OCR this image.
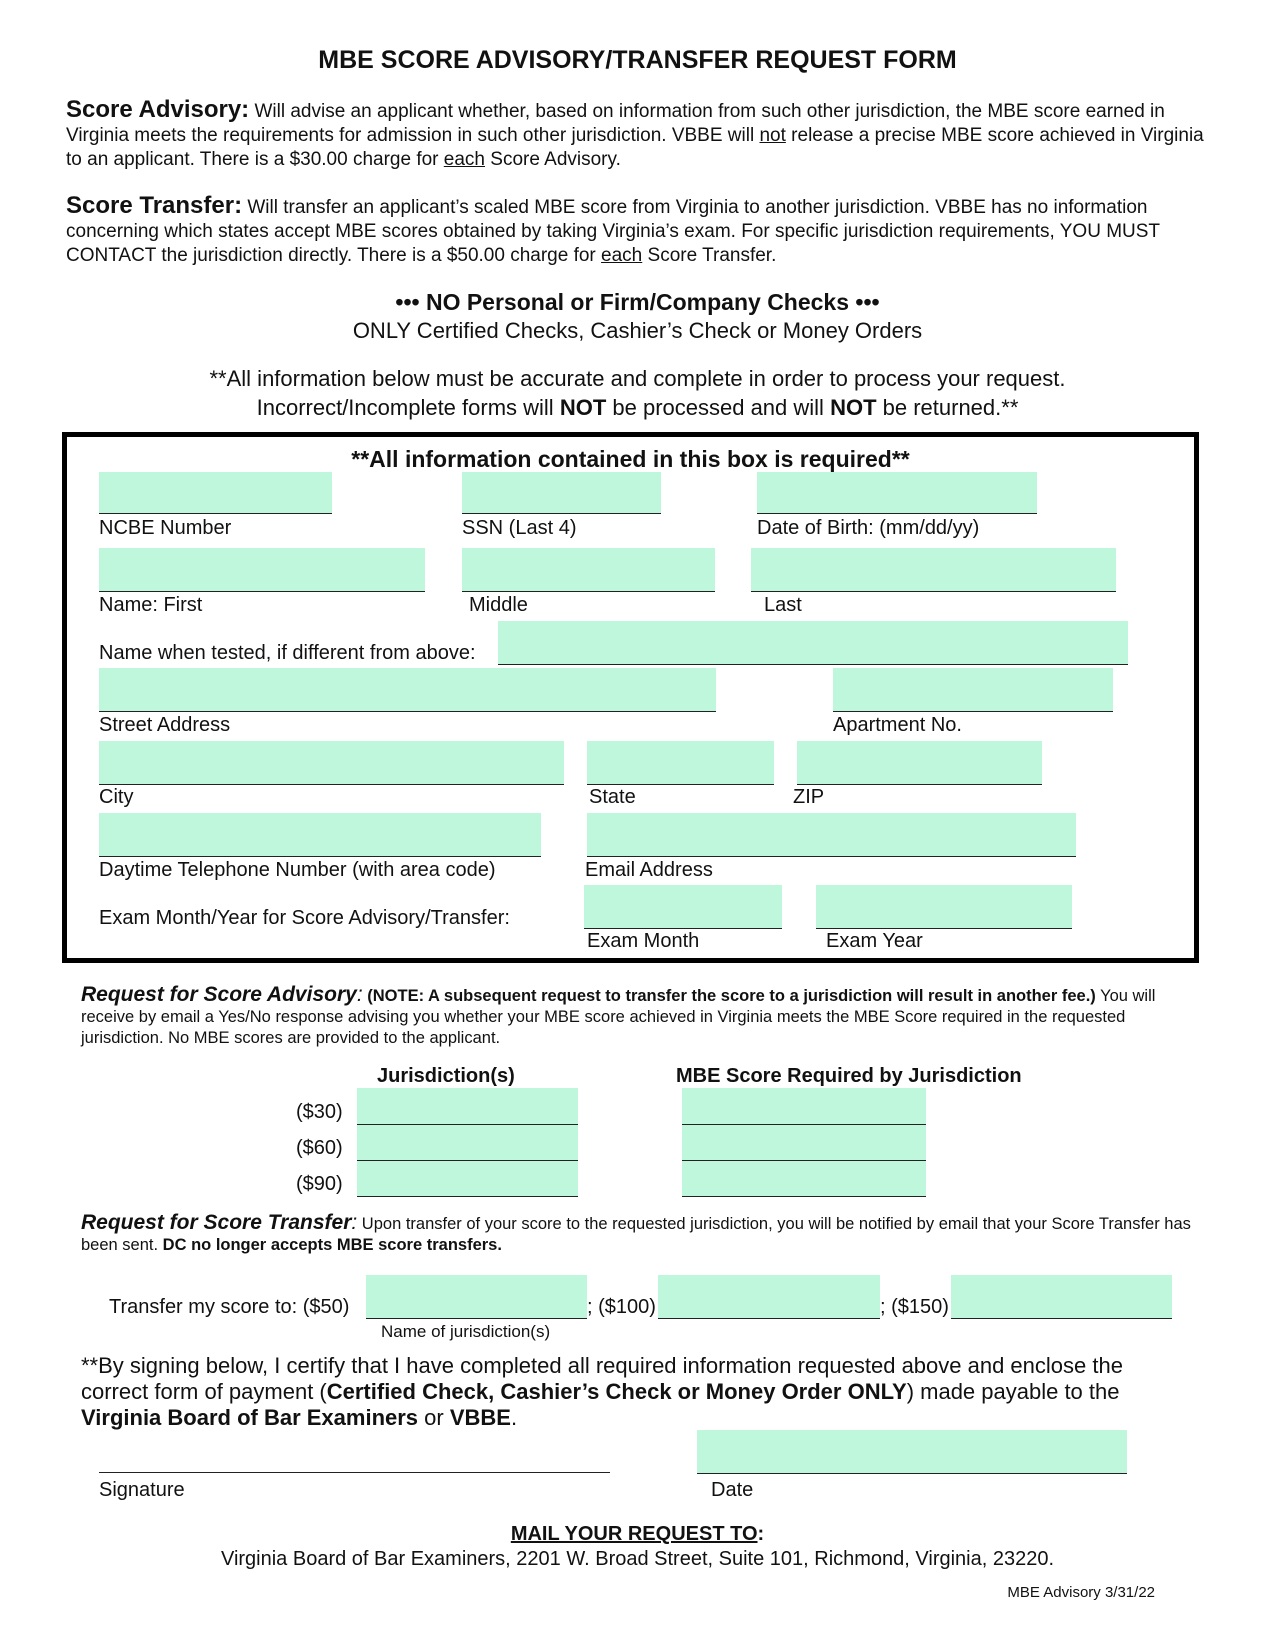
MBE SCORE ADVISORY/TRANSFER REQUEST FORM
Score Advisory: Will advise an applicant whether, based on information from such other jurisdiction, the MBE score earned in Virginia meets the requirements for admission in such other jurisdiction. VBBE will not release a precise MBE score achieved in Virginia to an applicant. There is a $30.00 charge for each Score Advisory.
Score Transfer: Will transfer an applicant’s scaled MBE score from Virginia to another jurisdiction. VBBE has no information concerning which states accept MBE scores obtained by taking Virginia’s exam. For specific jurisdiction requirements, YOU MUST CONTACT the jurisdiction directly. There is a $50.00 charge for each Score Transfer.
••• NO Personal or Firm/Company Checks •••
ONLY Certified Checks, Cashier’s Check or Money Orders
**All information below must be accurate and complete in order to process your request.
Incorrect/Incomplete forms will NOT be processed and will NOT be returned.**
**All information contained in this box is required**
NCBE Number	SSN (Last 4)	Date of Birth: (mm/dd/yy)
Name: First	Middle	Last
Name when tested, if different from above:
Street Address	Apartment No.
City	State	ZIP
Daytime Telephone Number (with area code)	Email Address
Exam Month/Year for Score Advisory/Transfer:
Exam Month	Exam Year
Request for Score Advisory: (NOTE: A subsequent request to transfer the score to a jurisdiction will result in another fee.) You will receive by email a Yes/No response advising you whether your MBE score achieved in Virginia meets the MBE Score required in the requested jurisdiction. No MBE scores are provided to the applicant.
Jurisdiction(s)	MBE Score Required by Jurisdiction
($30)
($60)
($90)
Request for Score Transfer: Upon transfer of your score to the requested jurisdiction, you will be notified by email that your Score Transfer has been sent. DC no longer accepts MBE score transfers.
Transfer my score to: ($50)	; ($100)	; ($150)
Name of jurisdiction(s)
**By signing below, I certify that I have completed all required information requested above and enclose the correct form of payment (Certified Check, Cashier’s Check or Money Order ONLY) made payable to the Virginia Board of Bar Examiners or VBBE.
Signature	Date
MAIL YOUR REQUEST TO:
Virginia Board of Bar Examiners, 2201 W. Broad Street, Suite 101, Richmond, Virginia, 23220.
MBE Advisory 3/31/22
